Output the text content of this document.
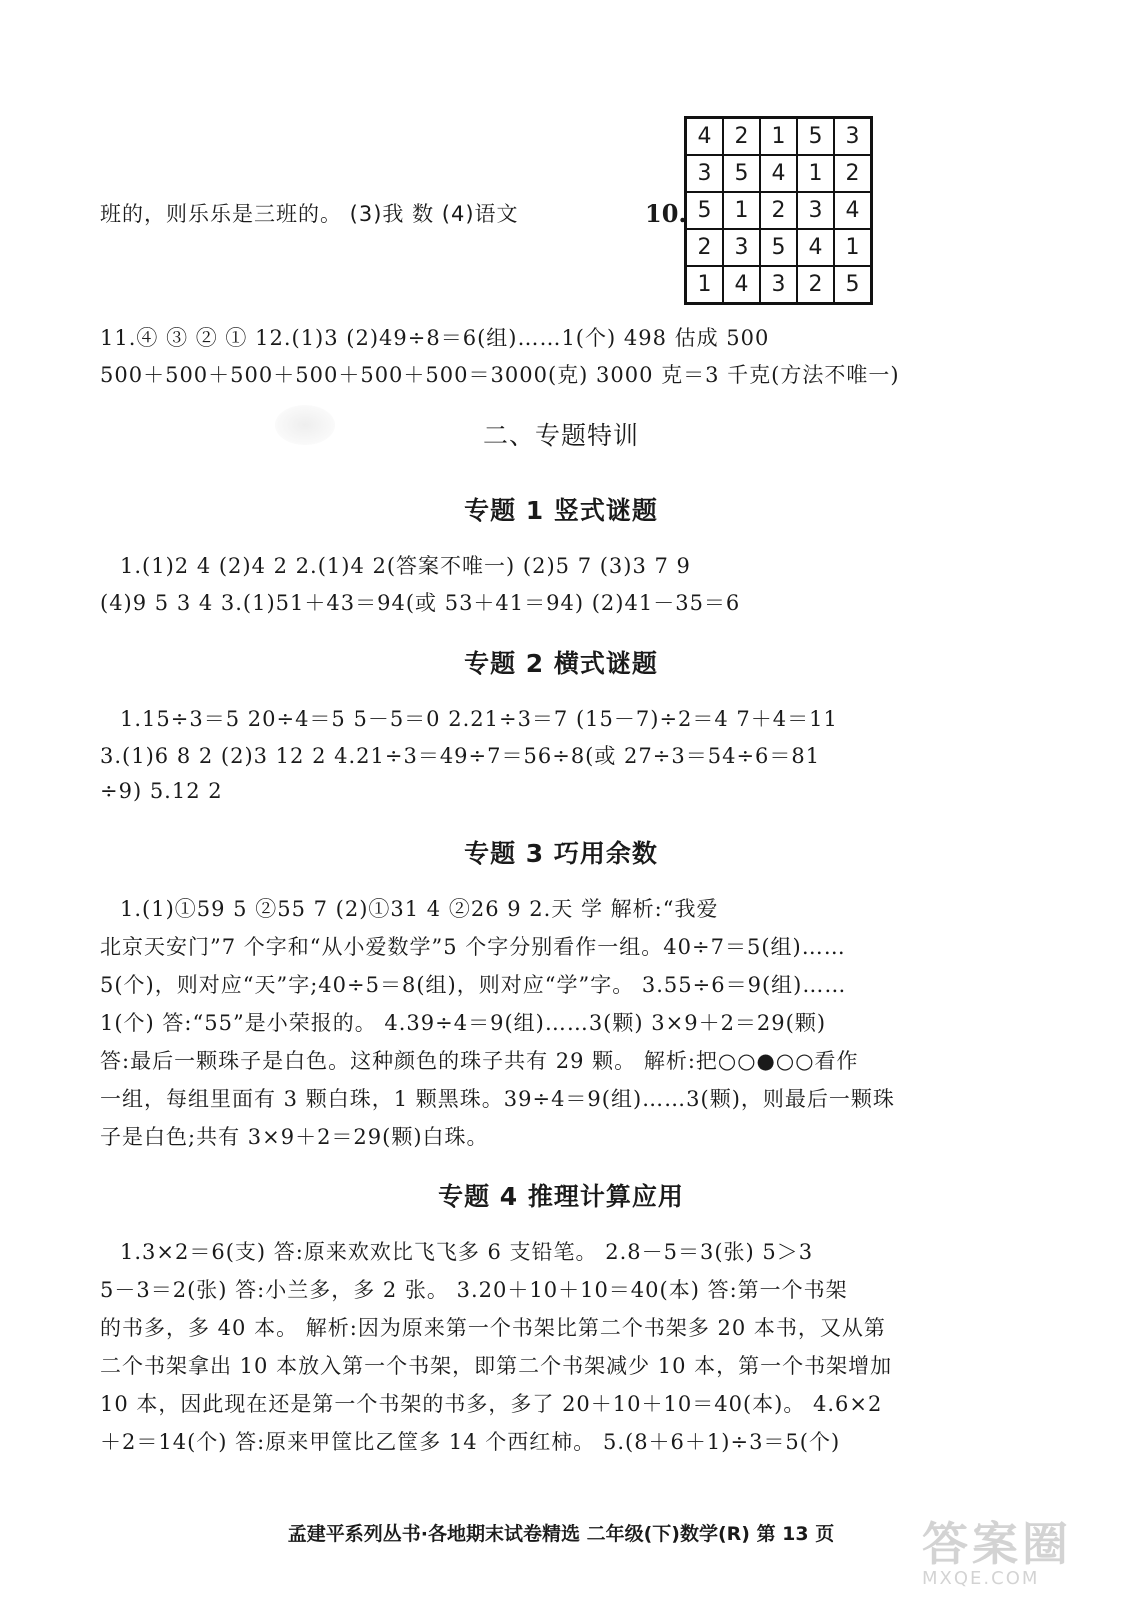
班的，则乐乐是三班的。 (3)我 数 (4)语文	10.
4	2	1	5	3
3	5	4	1	2
5	1	2	3	4
2	3	5	4	1
1	4	3	2	5
11.④ ③ ② ① 12.(1)3 (2)49÷8＝6(组)……1(个) 498 估成 500
500＋500＋500＋500＋500＋500＝3000(克) 3000 克＝3 千克(方法不唯一)
二、专题特训
专题 1 竖式谜题
1.(1)2 4 (2)4 2 2.(1)4 2(答案不唯一) (2)5 7 (3)3 7 9
(4)9 5 3 4 3.(1)51＋43＝94(或 53＋41＝94) (2)41－35＝6
专题 2 横式谜题
1.15÷3＝5 20÷4＝5 5－5＝0 2.21÷3＝7 (15－7)÷2＝4 7＋4＝11
3.(1)6 8 2 (2)3 12 2 4.21÷3＝49÷7＝56÷8(或 27÷3＝54÷6＝81
÷9) 5.12 2
专题 3 巧用余数
1.(1)①59 5 ②55 7 (2)①31 4 ②26 9 2.天 学 解析:“我爱
北京天安门”7 个字和“从小爱数学”5 个字分别看作一组。40÷7＝5(组)……
5(个)，则对应“天”字;40÷5＝8(组)，则对应“学”字。 3.55÷6＝9(组)……
1(个) 答:“55”是小荣报的。 4.39÷4＝9(组)……3(颗) 3×9＋2＝29(颗)
答:最后一颗珠子是白色。这种颜色的珠子共有 29 颗。 解析:把○○●○○看作
一组，每组里面有 3 颗白珠，1 颗黑珠。39÷4＝9(组)……3(颗)，则最后一颗珠
子是白色;共有 3×9＋2＝29(颗)白珠。
专题 4 推理计算应用
1.3×2＝6(支) 答:原来欢欢比飞飞多 6 支铅笔。 2.8－5＝3(张) 5＞3
5－3＝2(张) 答:小兰多，多 2 张。 3.20＋10＋10＝40(本) 答:第一个书架
的书多，多 40 本。 解析:因为原来第一个书架比第二个书架多 20 本书，又从第
二个书架拿出 10 本放入第一个书架，即第二个书架减少 10 本，第一个书架增加
10 本，因此现在还是第一个书架的书多，多了 20＋10＋10＝40(本)。 4.6×2
＋2＝14(个) 答:原来甲筐比乙筐多 14 个西红柿。 5.(8＋6＋1)÷3＝5(个)
孟建平系列丛书·各地期末试卷精选 二年级(下)数学(R) 第 13 页	答案圈
MXQE.COM
